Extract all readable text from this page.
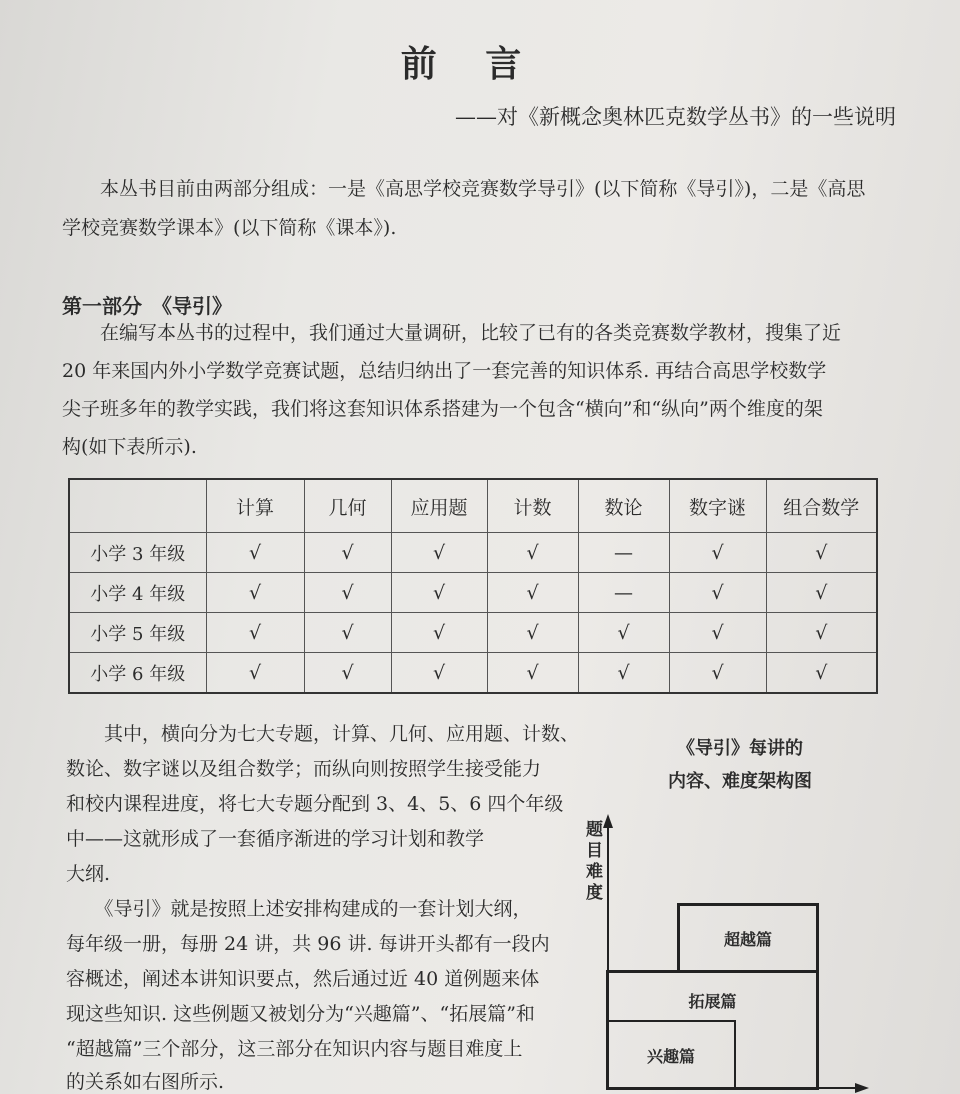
前 言
——对《新概念奥林匹克数学丛书》的一些说明
　　本丛书目前由两部分组成：一是《高思学校竞赛数学导引》(以下简称《导引》)，二是《高思
学校竞赛数学课本》(以下简称《课本》).
第一部分　《导引》
　　在编写本丛书的过程中，我们通过大量调研，比较了已有的各类竞赛数学教材，搜集了近
20 年来国内外小学数学竞赛试题，总结归纳出了一套完善的知识体系. 再结合高思学校数学
尖子班多年的教学实践，我们将这套知识体系搭建为一个包含“横向”和“纵向”两个维度的架
构(如下表所示).
	计算	几何	应用题	计数	数论	数字谜	组合数学
小学 3 年级	√	√	√	√	—	√	√
小学 4 年级	√	√	√	√	—	√	√
小学 5 年级	√	√	√	√	√	√	√
小学 6 年级	√	√	√	√	√	√	√
　　其中，横向分为七大专题，计算、几何、应用题、计数、
数论、数字谜以及组合数学；而纵向则按照学生接受能力
和校内课程进度，将七大专题分配到 3、4、5、6 四个年级
中——这就形成了一套循序渐进的学习计划和教学
大纲.
　　《导引》就是按照上述安排构建成的一套计划大纲，
每年级一册，每册 24 讲，共 96 讲. 每讲开头都有一段内
容概述，阐述本讲知识要点，然后通过近 40 道例题来体
现这些知识. 这些例题又被划分为“兴趣篇”、“拓展篇”和
“超越篇”三个部分，这三部分在知识内容与题目难度上
的关系如右图所示.
《导引》每讲的
内容、难度架构图
题目难度
超越篇
拓展篇
兴趣篇
